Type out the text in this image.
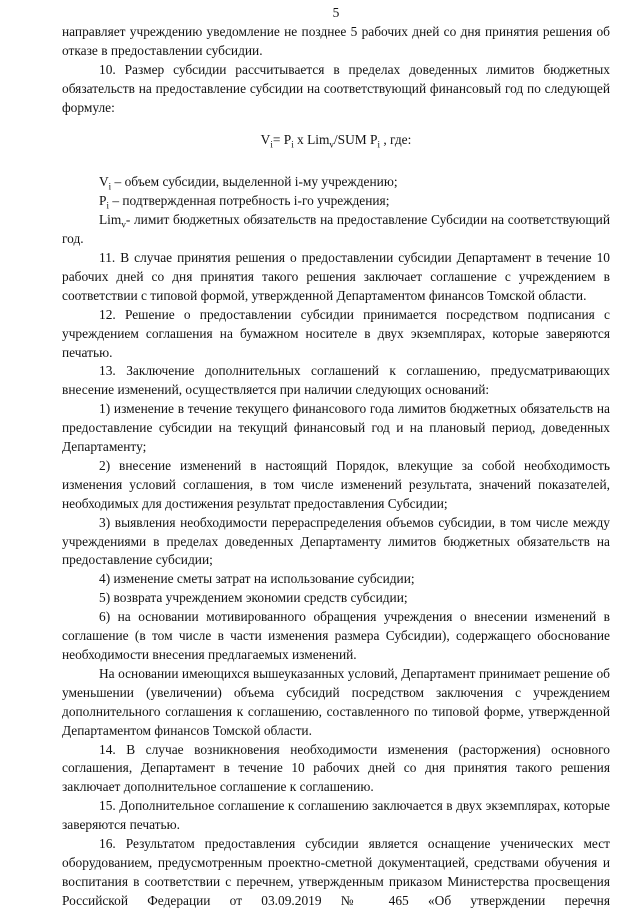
5

направляет учреждению уведомление не позднее 5 рабочих дней со дня принятия решения об отказе в предоставлении субсидии.

10. Размер субсидии рассчитывается в пределах доведенных лимитов бюджетных обязательств на предоставление субсидии на соответствующий финансовый год по следующей формуле:

$V_i= P_i$ x Lim$_v$/SUM $P_i$ , где:

$V_i$ – объем субсидии, выделенной i-му учреждению;

$P_i$ – подтвержденная потребность i-го учреждения;

Lim$_v$- лимит бюджетных обязательств на предоставление Субсидии на соответствующий год.

11. В случае принятия решения о предоставлении субсидии Департамент в течение 10 рабочих дней со дня принятия такого решения заключает соглашение с учреждением в соответствии с типовой формой, утвержденной Департаментом финансов Томской области.

12. Решение о предоставлении субсидии принимается посредством подписания с учреждением соглашения на бумажном носителе в двух экземплярах, которые заверяются печатью.

13. Заключение дополнительных соглашений к соглашению, предусматривающих внесение изменений, осуществляется при наличии следующих оснований:

1) изменение в течение текущего финансового года лимитов бюджетных обязательств на предоставление субсидии на текущий финансовый год и на плановый период, доведенных Департаменту;

2) внесение изменений в настоящий Порядок, влекущие за собой необходимость изменения условий соглашения, в том числе изменений результата, значений показателей, необходимых для достижения результат предоставления Субсидии;

3) выявления необходимости перераспределения объемов субсидии, в том числе между учреждениями в пределах доведенных Департаменту лимитов бюджетных обязательств на предоставление субсидии;

4) изменение сметы затрат на использование субсидии;

5) возврата учреждением экономии средств субсидии;

6) на основании мотивированного обращения учреждения о внесении изменений в соглашение (в том числе в части изменения размера Субсидии), содержащего обоснование необходимости внесения предлагаемых изменений.

На основании имеющихся вышеуказанных условий, Департамент принимает решение об уменьшении (увеличении) объема субсидий посредством заключения с учреждением дополнительного соглашения к соглашению, составленного по типовой форме, утвержденной Департаментом финансов Томской области.

14. В случае возникновения необходимости изменения (расторжения) основного соглашения, Департамент в течение 10 рабочих дней со дня принятия такого решения заключает дополнительное соглашение к соглашению.

15. Дополнительное соглашение к соглашению заключается в двух экземплярах, которые заверяются печатью.

16. Результатом предоставления субсидии является оснащение ученических мест оборудованием, предусмотренным проектно-сметной документацией, средствами обучения и воспитания в соответствии с перечнем, утвержденным приказом Министерства просвещения Российской Федерации от 03.09.2019 № 465 «Об утверждении перечня
